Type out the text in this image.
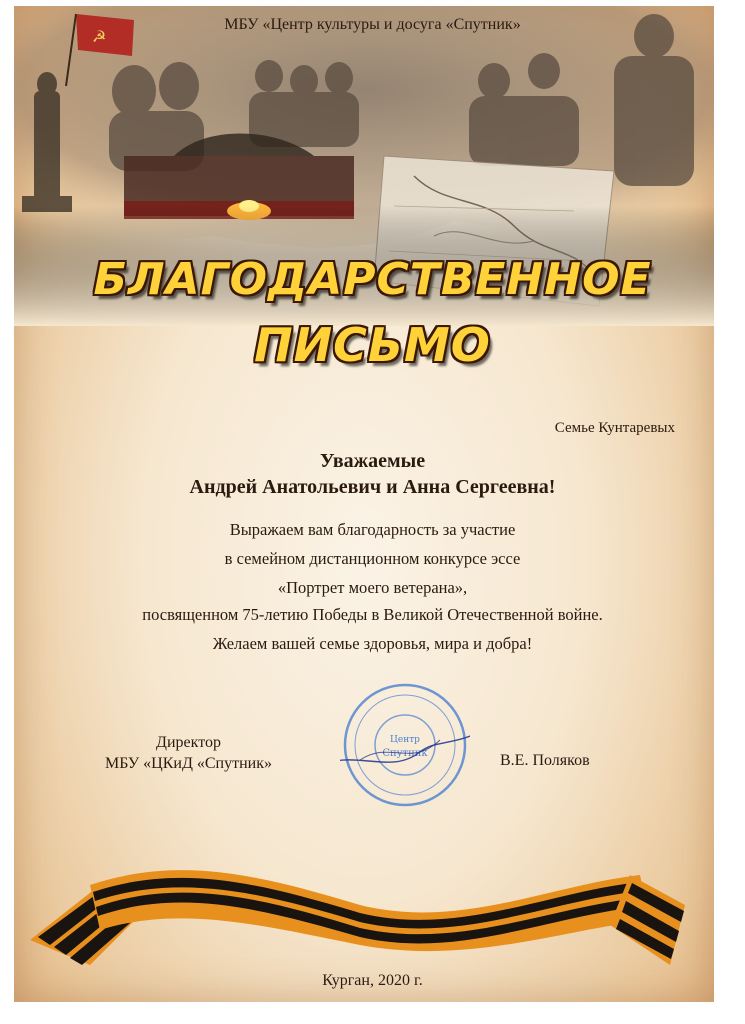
☭
МБУ «Центр культуры и досуга «Спутник»
БЛАГОДАРСТВЕННОЕ
ПИСЬМО
Семье Кунтаревых
Уважаемые
Андрей Анатольевич и Анна Сергеевна!
Выражаем вам благодарность за участие
в семейном дистанционном конкурсе эссе
«Портрет моего ветерана»,
посвященном 75-летию Победы в Великой Отечественной войне.
Желаем вашей семье здоровья, мира и добра!
Директор
МБУ «ЦКиД «Спутник»
Центр
Спутник	В.Е. Поляков
Курган, 2020 г.
